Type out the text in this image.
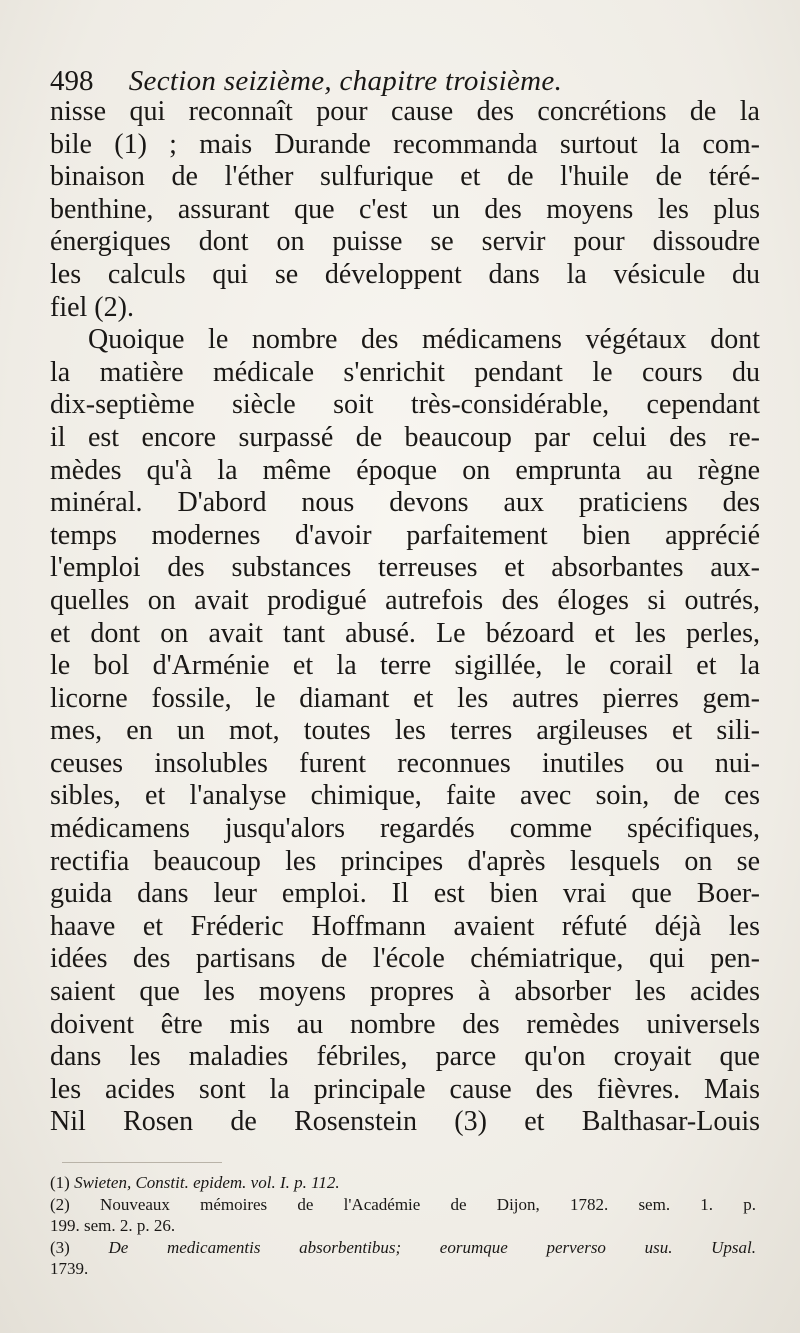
498 Section seizième, chapitre troisième.
nisse qui reconnaît pour cause des concrétions de la
bile (1) ; mais Durande recommanda surtout la com-
binaison de l'éther sulfurique et de l'huile de téré-
benthine, assurant que c'est un des moyens les plus
énergiques dont on puisse se servir pour dissoudre
les calculs qui se développent dans la vésicule du
fiel (2).
Quoique le nombre des médicamens végétaux dont
la matière médicale s'enrichit pendant le cours du
dix-septième siècle soit très-considérable, cependant
il est encore surpassé de beaucoup par celui des re-
mèdes qu'à la même époque on emprunta au règne
minéral. D'abord nous devons aux praticiens des
temps modernes d'avoir parfaitement bien apprécié
l'emploi des substances terreuses et absorbantes aux-
quelles on avait prodigué autrefois des éloges si outrés,
et dont on avait tant abusé. Le bézoard et les perles,
le bol d'Arménie et la terre sigillée, le corail et la
licorne fossile, le diamant et les autres pierres gem-
mes, en un mot, toutes les terres argileuses et sili-
ceuses insolubles furent reconnues inutiles ou nui-
sibles, et l'analyse chimique, faite avec soin, de ces
médicamens jusqu'alors regardés comme spécifiques,
rectifia beaucoup les principes d'après lesquels on se
guida dans leur emploi. Il est bien vrai que Boer-
haave et Fréderic Hoffmann avaient réfuté déjà les
idées des partisans de l'école chémiatrique, qui pen-
saient que les moyens propres à absorber les acides
doivent être mis au nombre des remèdes universels
dans les maladies fébriles, parce qu'on croyait que
les acides sont la principale cause des fièvres. Mais
Nil Rosen de Rosenstein (3) et Balthasar-Louis
(1) Swieten, Constit. epidem. vol. I. p. 112.
(2) Nouveaux mémoires de l'Académie de Dijon, 1782. sem. 1. p.
199. sem. 2. p. 26.
(3) De medicamentis absorbentibus; eorumque perverso usu. Upsal.
1739.
